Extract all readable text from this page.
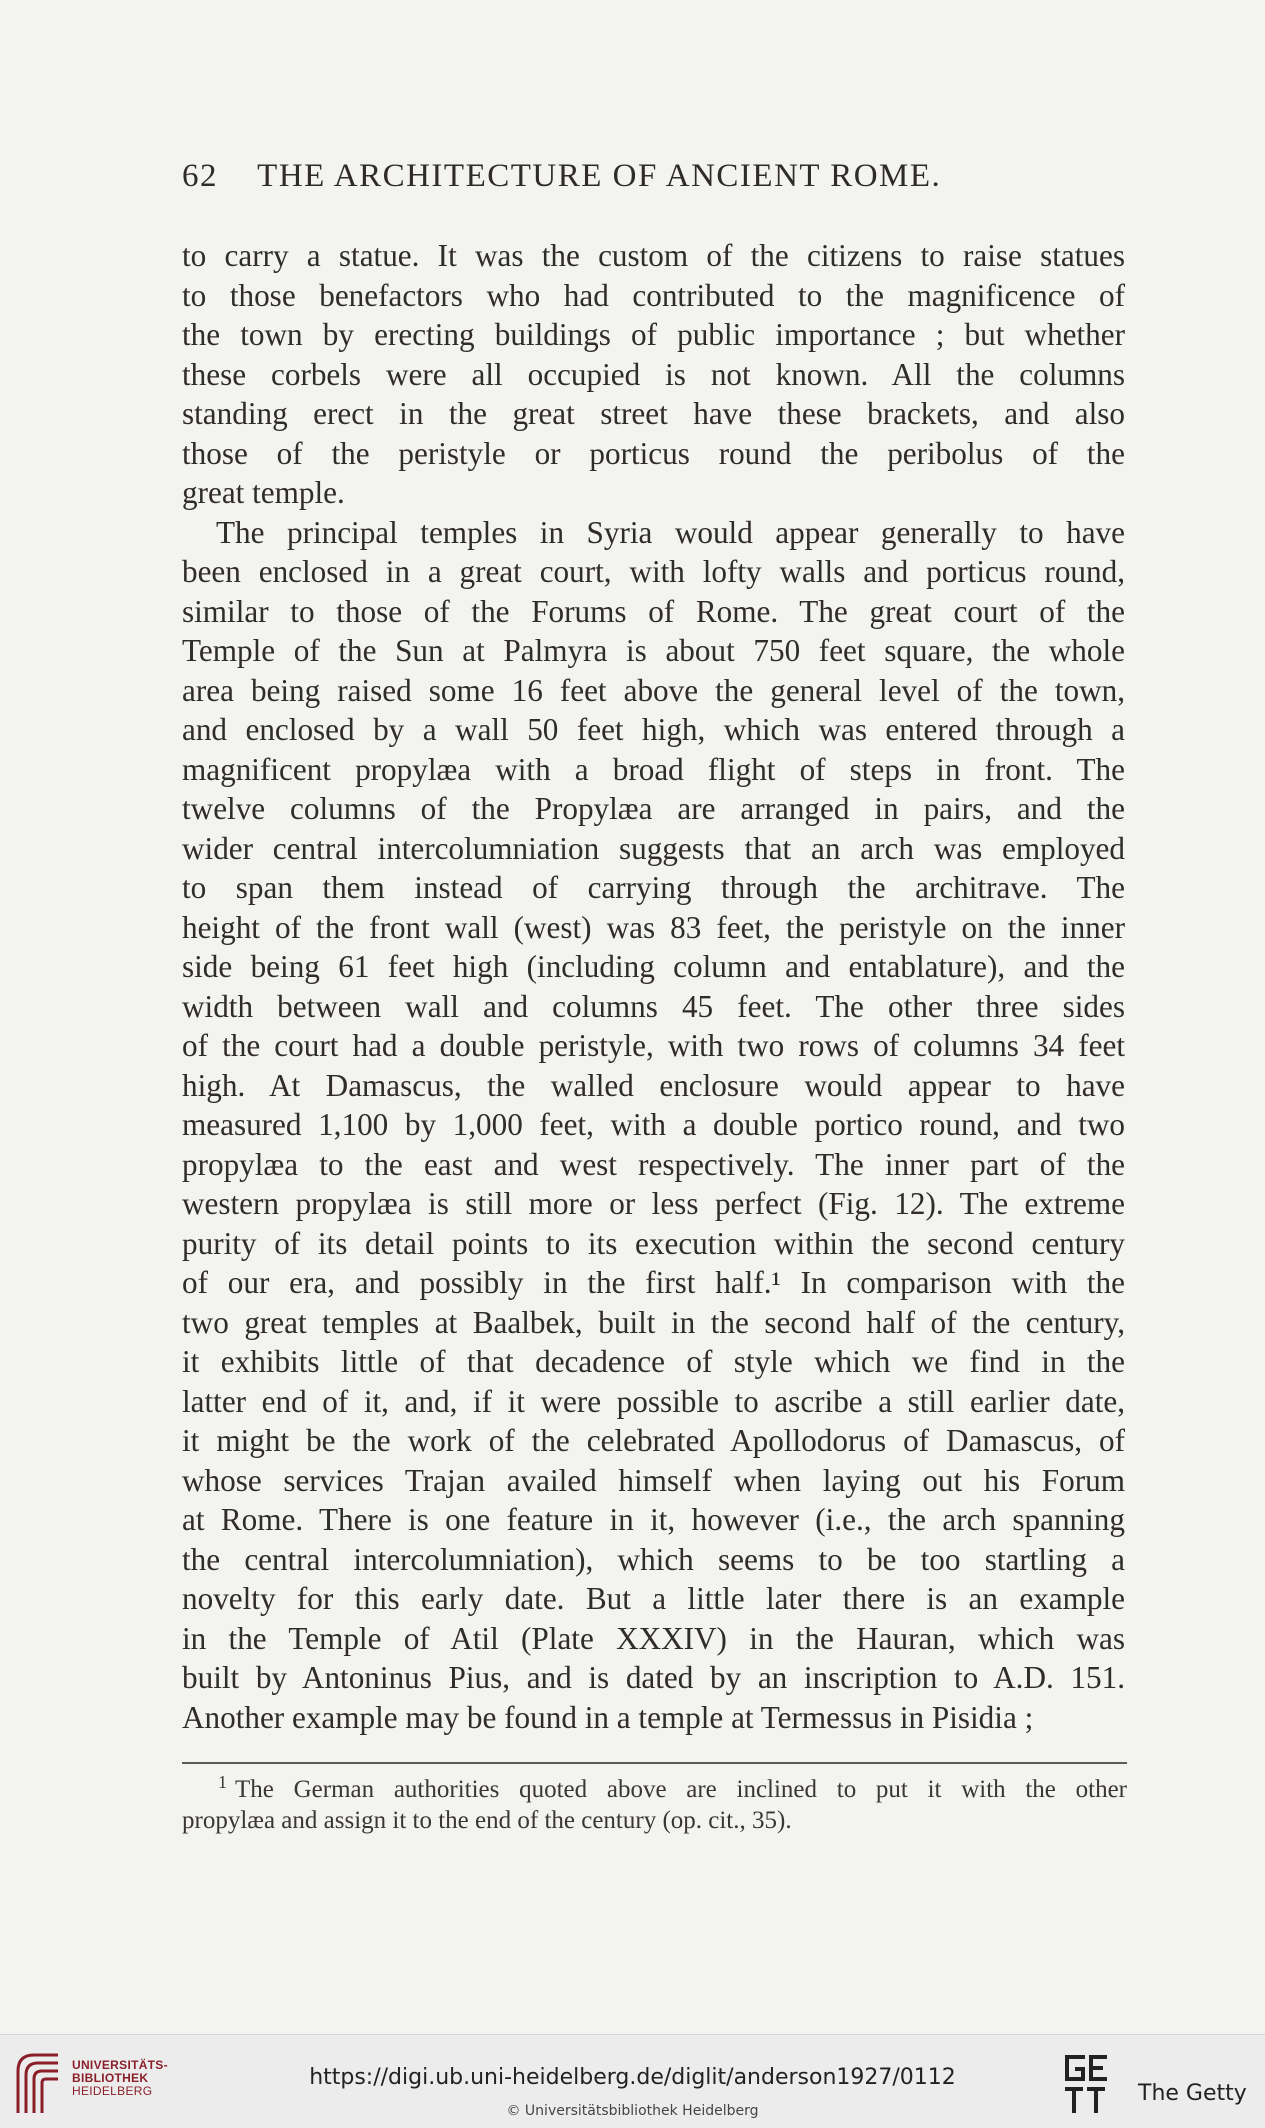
62 THE ARCHITECTURE OF ANCIENT ROME.
to carry a statue. It was the custom of the citizens to raise statues
to those benefactors who had contributed to the magnificence of
the town by erecting buildings of public importance ; but whether
these corbels were all occupied is not known. All the columns
standing erect in the great street have these brackets, and also
those of the peristyle or porticus round the peribolus of the
great temple.
The principal temples in Syria would appear generally to have
been enclosed in a great court, with lofty walls and porticus round,
similar to those of the Forums of Rome. The great court of the
Temple of the Sun at Palmyra is about 750 feet square, the whole
area being raised some 16 feet above the general level of the town,
and enclosed by a wall 50 feet high, which was entered through a
magnificent propylæa with a broad flight of steps in front. The
twelve columns of the Propylæa are arranged in pairs, and the
wider central intercolumniation suggests that an arch was employed
to span them instead of carrying through the architrave. The
height of the front wall (west) was 83 feet, the peristyle on the inner
side being 61 feet high (including column and entablature), and the
width between wall and columns 45 feet. The other three sides
of the court had a double peristyle, with two rows of columns 34 feet
high. At Damascus, the walled enclosure would appear to have
measured 1,100 by 1,000 feet, with a double portico round, and two
propylæa to the east and west respectively. The inner part of the
western propylæa is still more or less perfect (Fig. 12). The extreme
purity of its detail points to its execution within the second century
of our era, and possibly in the first half.¹ In comparison with the
two great temples at Baalbek, built in the second half of the century,
it exhibits little of that decadence of style which we find in the
latter end of it, and, if it were possible to ascribe a still earlier date,
it might be the work of the celebrated Apollodorus of Damascus, of
whose services Trajan availed himself when laying out his Forum
at Rome. There is one feature in it, however (i.e., the arch spanning
the central intercolumniation), which seems to be too startling a
novelty for this early date. But a little later there is an example
in the Temple of Atil (Plate XXXIV) in the Hauran, which was
built by Antoninus Pius, and is dated by an inscription to A.D. 151.
Another example may be found in a temple at Termessus in Pisidia ;
$^1$ The German authorities quoted above are inclined to put it with the other
propylæa and assign it to the end of the century (op. cit., 35).
UNIVERSITÄTS-
BIBLIOTHEK
HEIDELBERG
https://digi.ub.uni-heidelberg.de/diglit/anderson1927/0112
© Universitätsbibliothek Heidelberg
The Getty
